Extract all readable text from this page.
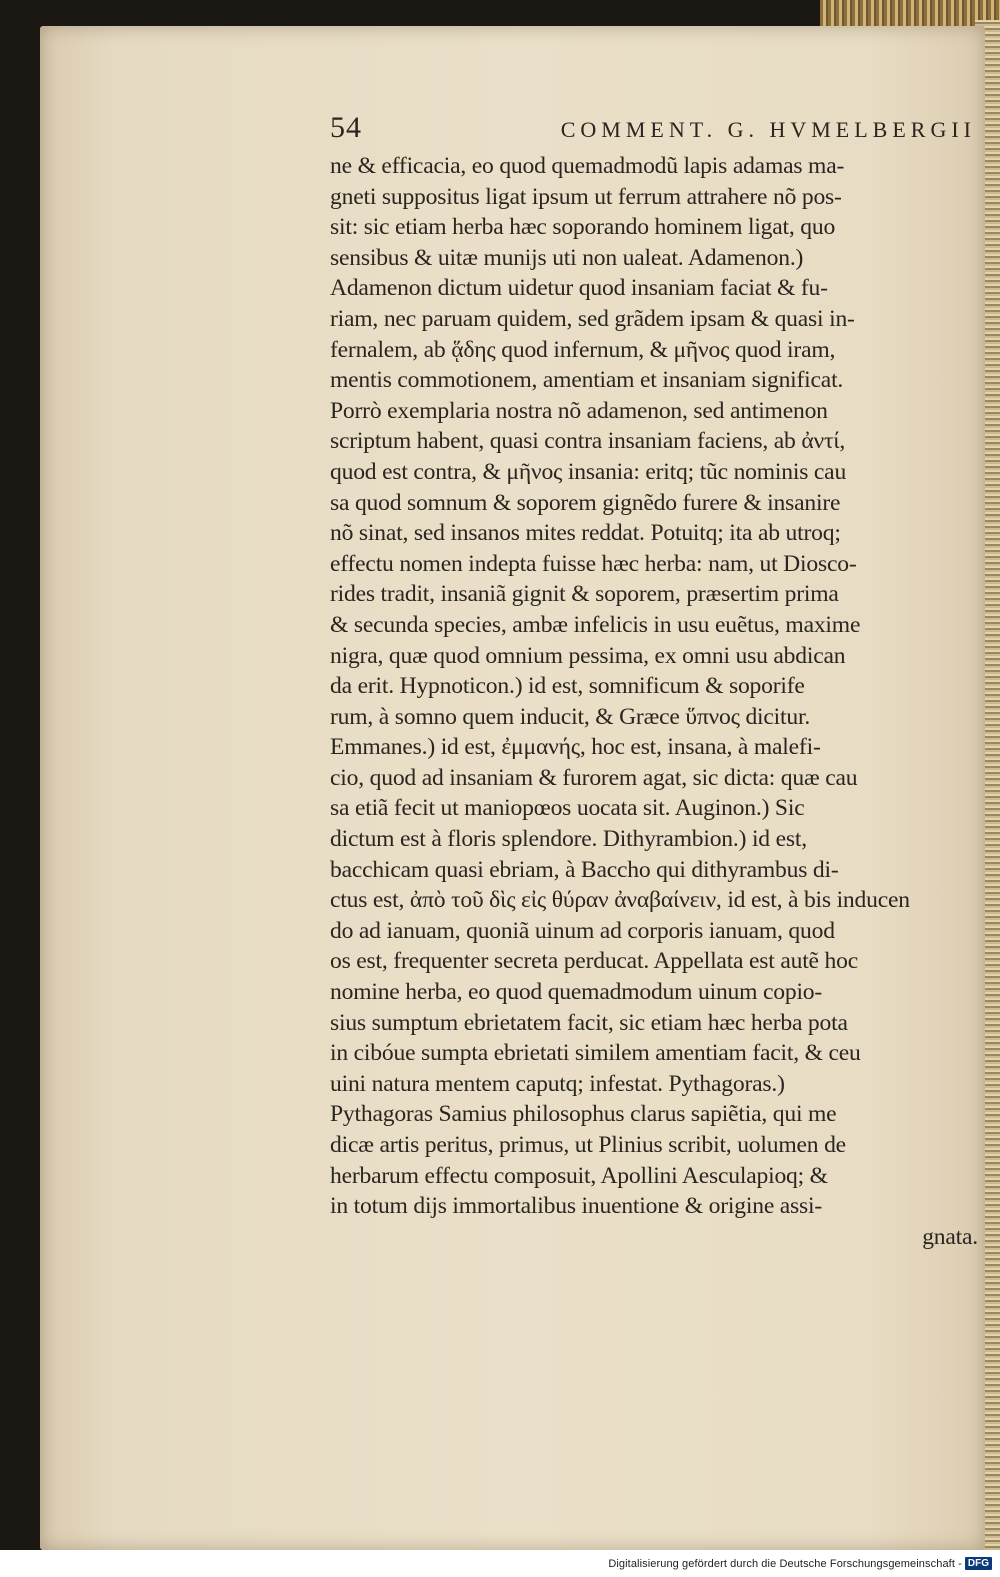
54	COMMENT. G. HVMELBERGII
ne & efficacia, eo quod quemadmodũ lapis adamas ma-
gneti suppositus ligat ipsum ut ferrum attrahere nõ pos-
sit: sic etiam herba hæc soporando hominem ligat, quo
sensibus & uitæ munijs uti non ualeat. Adamenon.)
Adamenon dictum uidetur quod insaniam faciat & fu-
riam, nec paruam quidem, sed grãdem ipsam & quasi in-
fernalem, ab ᾅδης quod infernum, & μῆνος quod iram,
mentis commotionem, amentiam et insaniam significat.
Porrò exemplaria nostra nõ adamenon, sed antimenon
scriptum habent, quasi contra insaniam faciens, ab ἀντί,
quod est contra, & μῆνος insania: eritq; tũc nominis cau
sa quod somnum & soporem gignẽdo furere & insanire
nõ sinat, sed insanos mites reddat. Potuitq; ita ab utroq;
effectu nomen indepta fuisse hæc herba: nam, ut Diosco-
rides tradit, insaniã gignit & soporem, præsertim prima
& secunda species, ambæ infelicis in usu euẽtus, maxime
nigra, quæ quod omnium pessima, ex omni usu abdican
da erit. Hypnoticon.) id est, somnificum & soporife
rum, à somno quem inducit, & Græce ὕπνος dicitur.
Emmanes.) id est, ἐμμανής, hoc est, insana, à malefi-
cio, quod ad insaniam & furorem agat, sic dicta: quæ cau
sa etiã fecit ut maniopœos uocata sit. Auginon.) Sic
dictum est à floris splendore. Dithyrambion.) id est,
bacchicam quasi ebriam, à Baccho qui dithyrambus di-
ctus est, ἀπὸ τοῦ δὶς εἰς θύραν ἀναβαίνειν, id est, à bis inducen
do ad ianuam, quoniã uinum ad corporis ianuam, quod
os est, frequenter secreta perducat. Appellata est autẽ hoc
nomine herba, eo quod quemadmodum uinum copio-
sius sumptum ebrietatem facit, sic etiam hæc herba pota
in cibóue sumpta ebrietati similem amentiam facit, & ceu
uini natura mentem caputq; infestat. Pythagoras.)
Pythagoras Samius philosophus clarus sapiẽtia, qui me
dicæ artis peritus, primus, ut Plinius scribit, uolumen de
herbarum effectu composuit, Apollini Aesculapioq; &
in totum dijs immortalibus inuentione & origine assi-
gnata.
Digitalisierung gefördert durch die Deutsche Forschungsgemeinschaft - DFG
